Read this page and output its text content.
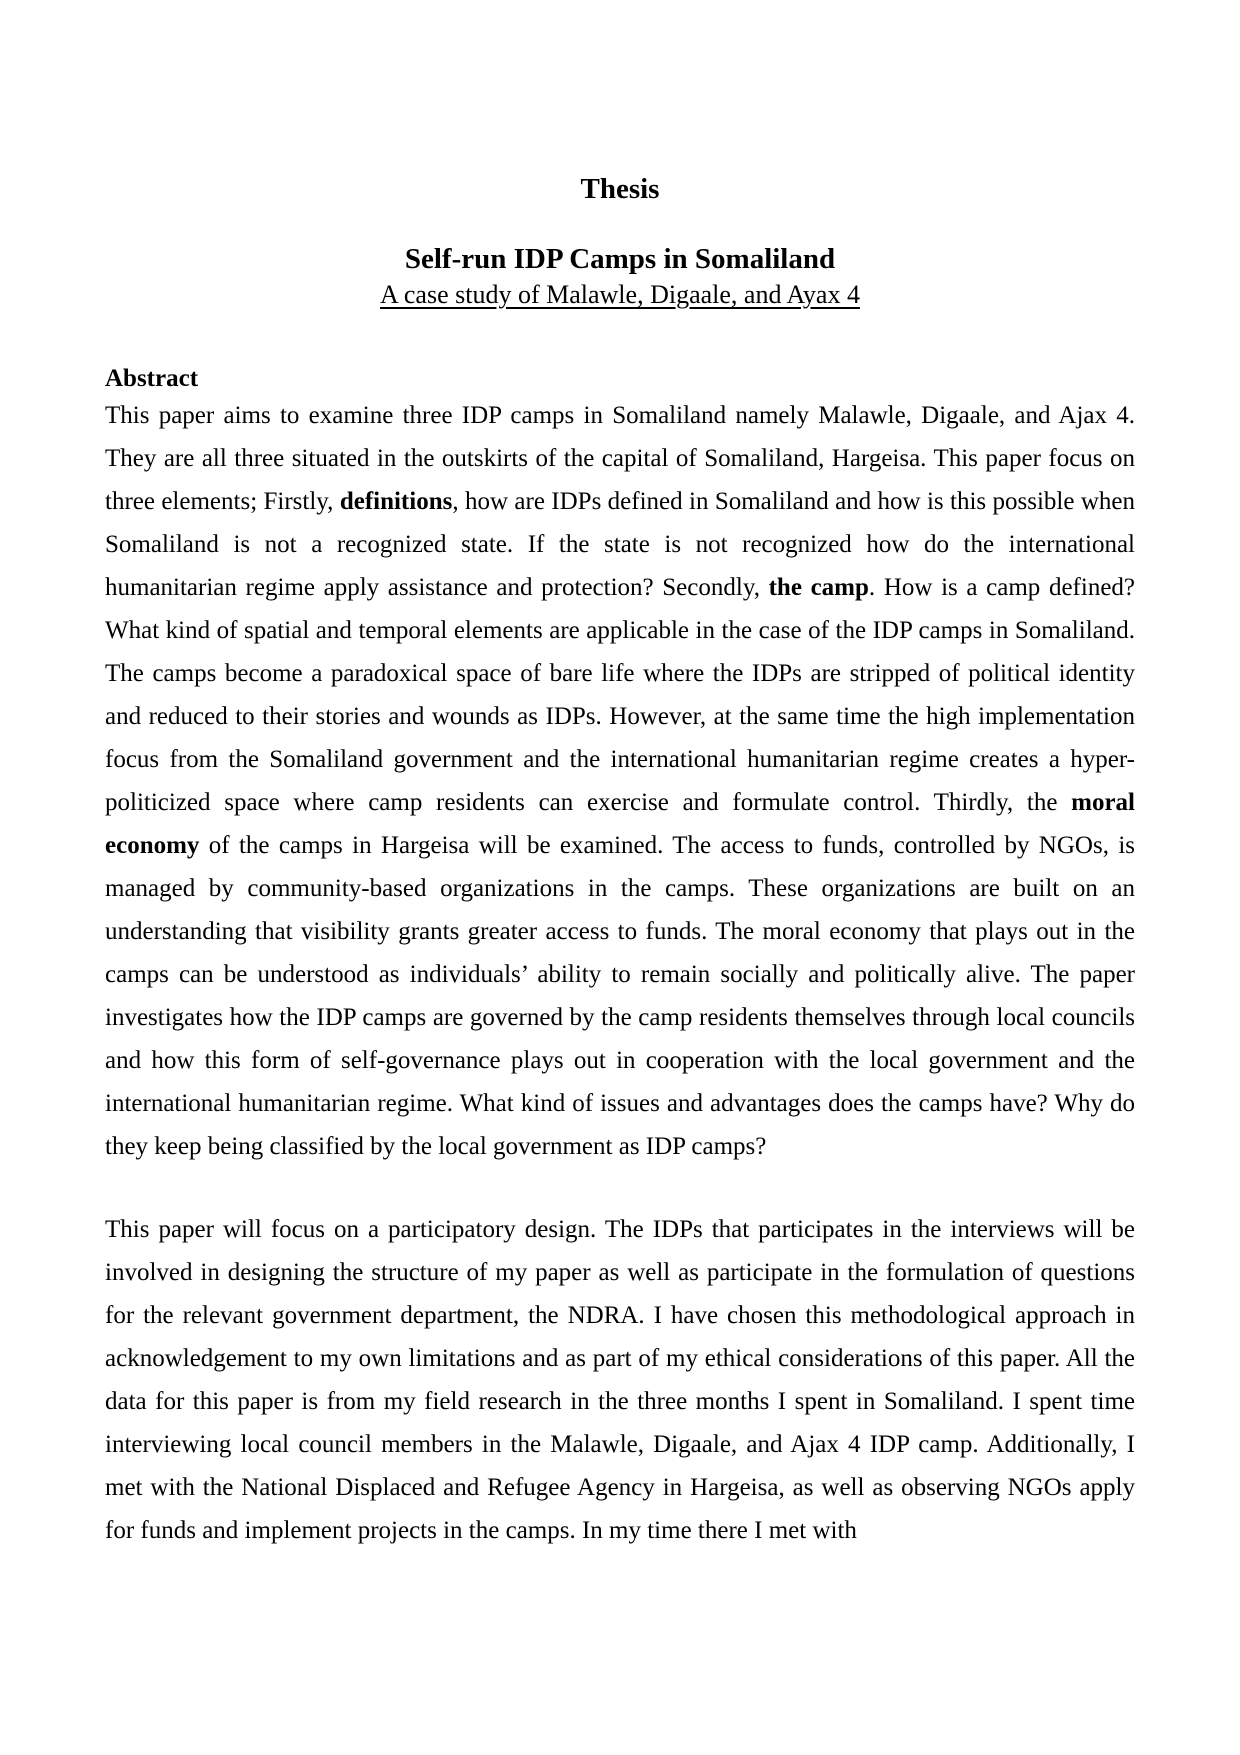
Thesis
Self-run IDP Camps in Somaliland
A case study of Malawle, Digaale, and Ayax 4
Abstract

This paper aims to examine three IDP camps in Somaliland namely Malawle, Digaale, and Ajax 4. They are all three situated in the outskirts of the capital of Somaliland, Hargeisa. This paper focus on three elements; Firstly, definitions, how are IDPs defined in Somaliland and how is this possible when Somaliland is not a recognized state. If the state is not recognized how do the international humanitarian regime apply assistance and protection? Secondly, the camp. How is a camp defined? What kind of spatial and temporal elements are applicable in the case of the IDP camps in Somaliland. The camps become a paradoxical space of bare life where the IDPs are stripped of political identity and reduced to their stories and wounds as IDPs. However, at the same time the high implementation focus from the Somaliland government and the international humanitarian regime creates a hyper-politicized space where camp residents can exercise and formulate control. Thirdly, the moral economy of the camps in Hargeisa will be examined. The access to funds, controlled by NGOs, is managed by community-based organizations in the camps. These organizations are built on an understanding that visibility grants greater access to funds. The moral economy that plays out in the camps can be understood as individuals’ ability to remain socially and politically alive. The paper investigates how the IDP camps are governed by the camp residents themselves through local councils and how this form of self-governance plays out in cooperation with the local government and the international humanitarian regime. What kind of issues and advantages does the camps have? Why do they keep being classified by the local government as IDP camps?

This paper will focus on a participatory design. The IDPs that participates in the interviews will be involved in designing the structure of my paper as well as participate in the formulation of questions for the relevant government department, the NDRA. I have chosen this methodological approach in acknowledgement to my own limitations and as part of my ethical considerations of this paper. All the data for this paper is from my field research in the three months I spent in Somaliland. I spent time interviewing local council members in the Malawle, Digaale, and Ajax 4 IDP camp. Additionally, I met with the National Displaced and Refugee Agency in Hargeisa, as well as observing NGOs apply for funds and implement projects in the camps. In my time there I met with
